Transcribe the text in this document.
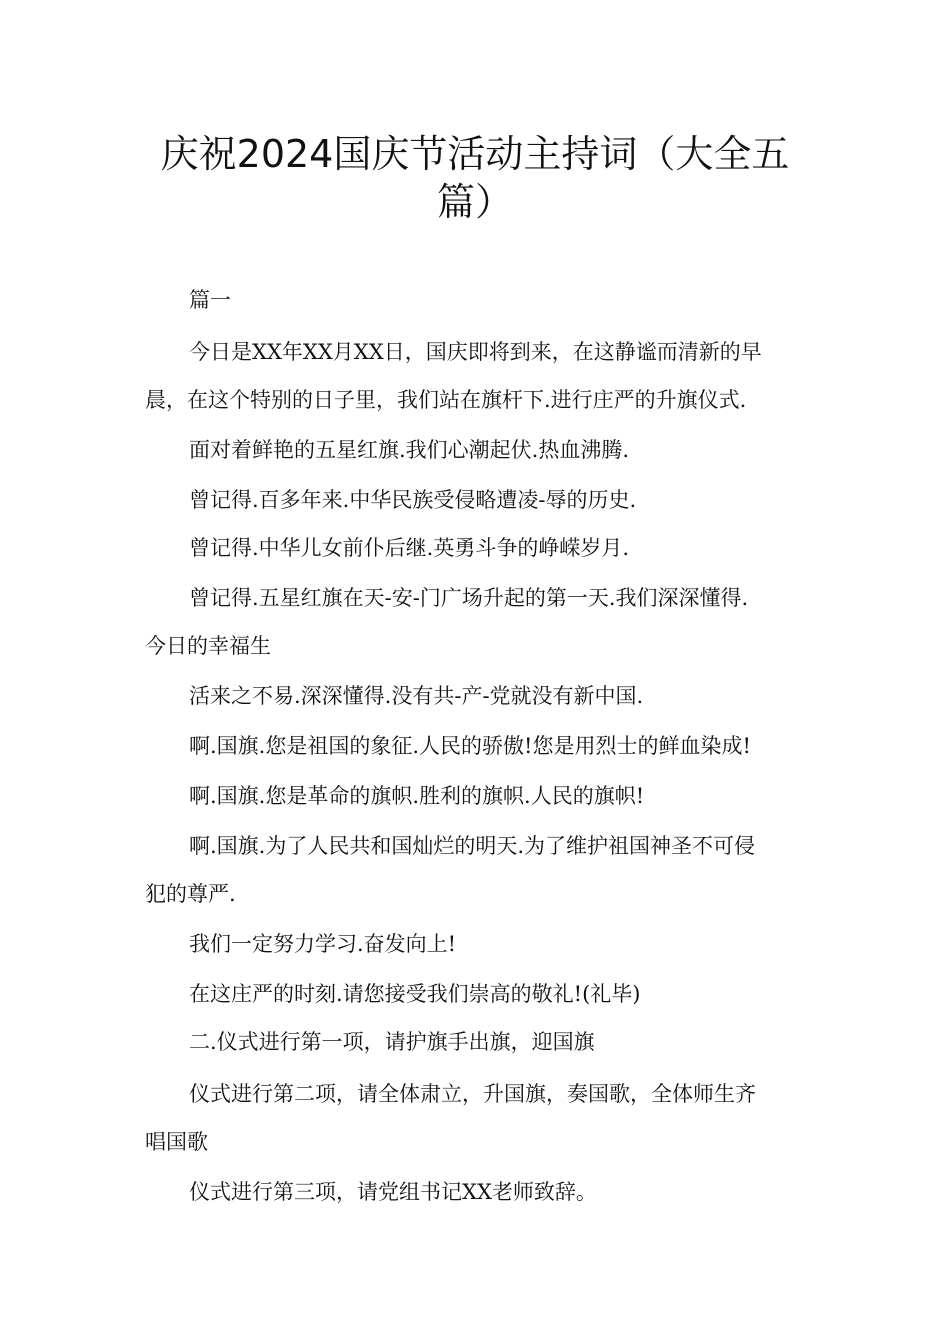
庆祝2024国庆节活动主持词（大全五
篇）
篇一
今日是XX年XX月XX日，国庆即将到来，在这静谧而清新的早
晨，在这个特别的日子里，我们站在旗杆下.进行庄严的升旗仪式.
面对着鲜艳的五星红旗.我们心潮起伏.热血沸腾.
曾记得.百多年来.中华民族受侵略遭凌-辱的历史.
曾记得.中华儿女前仆后继.英勇斗争的峥嵘岁月.
曾记得.五星红旗在天-安-门广场升起的第一天.我们深深懂得.
今日的幸福生
活来之不易.深深懂得.没有共-产-党就没有新中国.
啊.国旗.您是祖国的象征.人民的骄傲!您是用烈士的鲜血染成!
啊.国旗.您是革命的旗帜.胜利的旗帜.人民的旗帜!
啊.国旗.为了人民共和国灿烂的明天.为了维护祖国神圣不可侵
犯的尊严.
我们一定努力学习.奋发向上!
在这庄严的时刻.请您接受我们崇高的敬礼!(礼毕)
二.仪式进行第一项，请护旗手出旗，迎国旗
仪式进行第二项，请全体肃立，升国旗，奏国歌，全体师生齐
唱国歌
仪式进行第三项，请党组书记XX老师致辞。
